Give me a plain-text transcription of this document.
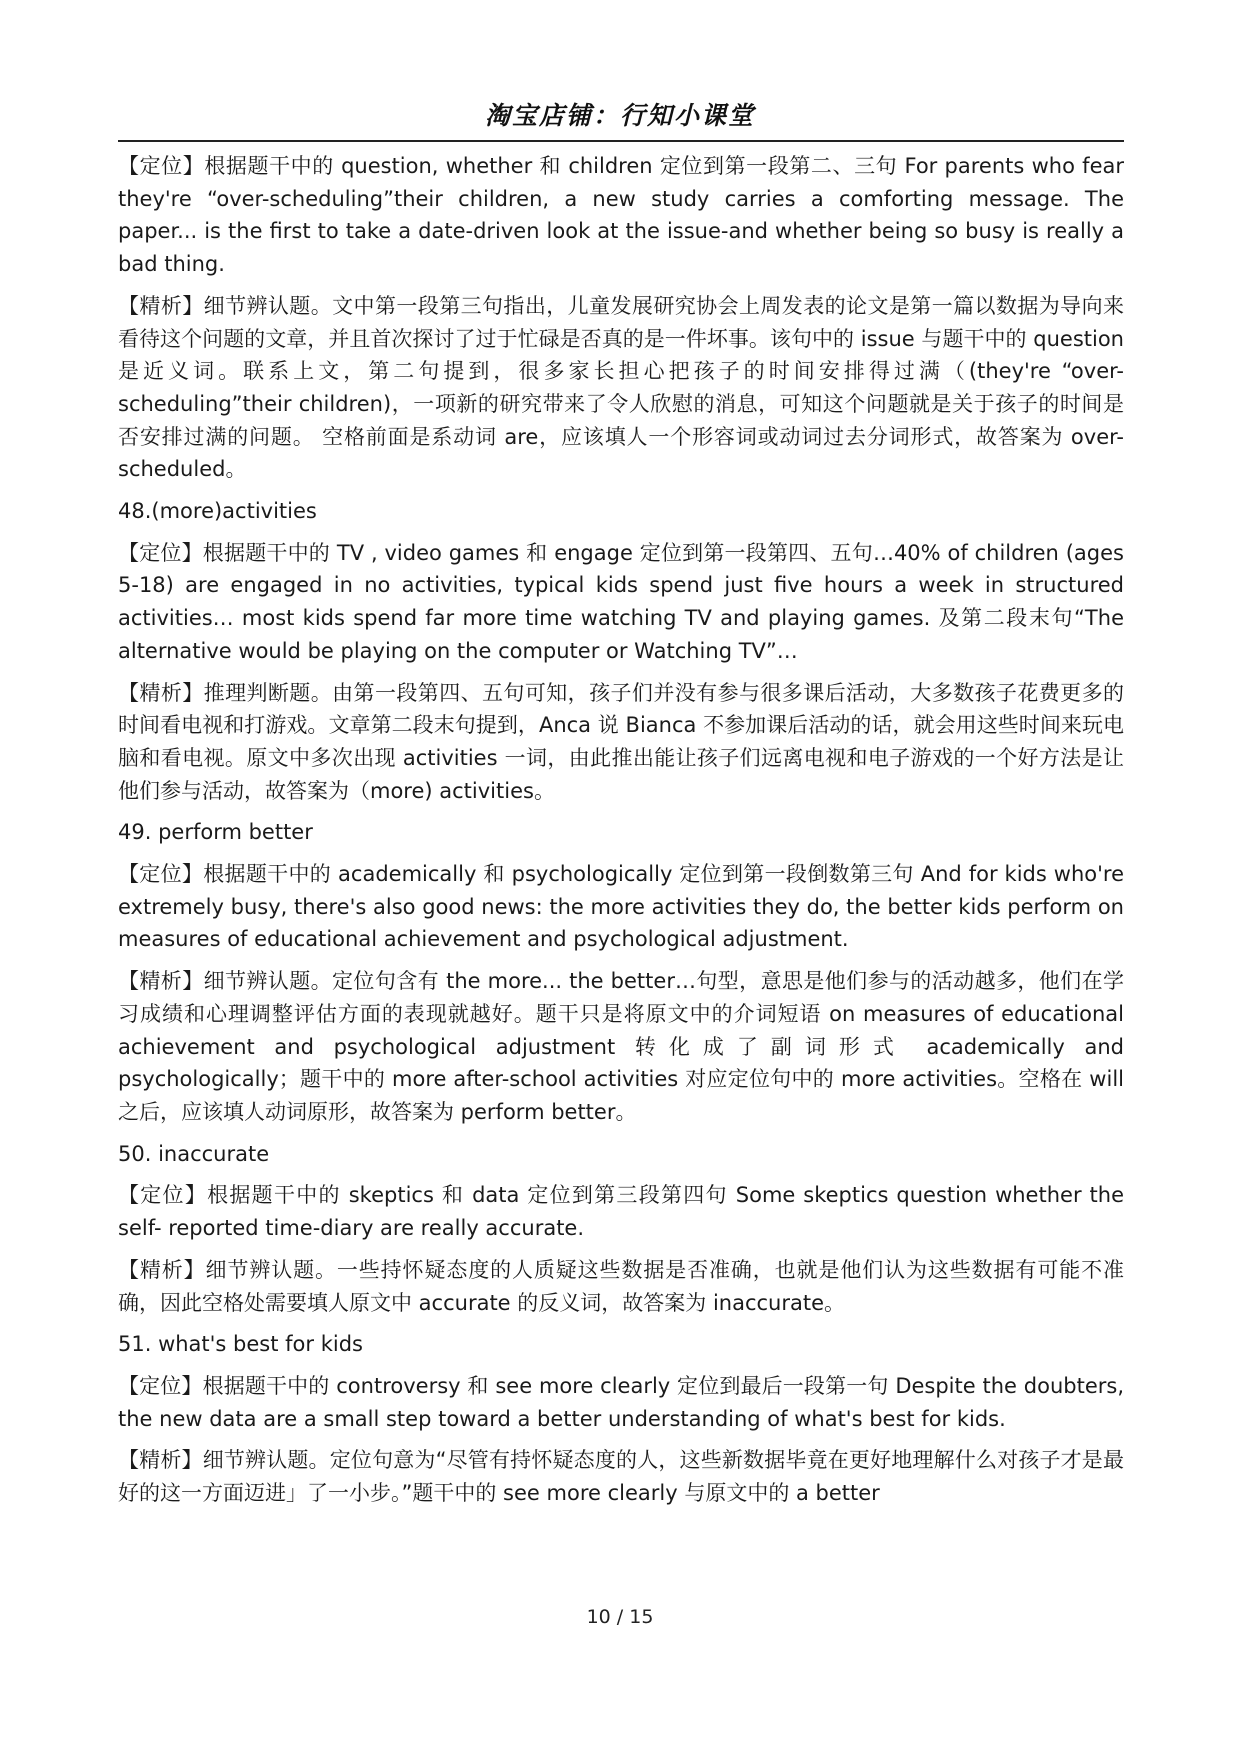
淘宝店铺：行知小课堂

【定位】根据题干中的 question, whether 和 children 定位到第一段第二、三句 For parents who fear they're “over-scheduling”their children, a new study carries a comforting message. The paper... is the first to take a date-driven look at the issue-and whether being so busy is really a bad thing.

【精析】细节辨认题。文中第一段第三句指出，儿童发展研究协会上周发表的论文是第一篇以数据为导向来看待这个问题的文章，并且首次探讨了过于忙碌是否真的是一件坏事。该句中的 issue 与题干中的 question 是近义词。联系上文，第二句提到，很多家长担心把孩子的时间安排得过满（(they're “over-scheduling”their children)，一项新的研究带来了令人欣慰的消息，可知这个问题就是关于孩子的时间是否安排过满的问题。 空格前面是系动词 are，应该填人一个形容词或动词过去分词形式，故答案为 over-scheduled。

48.(more)activities

【定位】根据题干中的 TV , video games 和 engage 定位到第一段第四、五句…40% of children (ages 5-18) are engaged in no activities, typical kids spend just five hours a week in structured activities… most kids spend far more time watching TV and playing games. 及第二段末句“The alternative would be playing on the computer or Watching TV”…

【精析】推理判断题。由第一段第四、五句可知，孩子们并没有参与很多课后活动，大多数孩子花费更多的时间看电视和打游戏。文章第二段末句提到，Anca 说 Bianca 不参加课后活动的话，就会用这些时间来玩电脑和看电视。原文中多次出现 activities 一词，由此推出能让孩子们远离电视和电子游戏的一个好方法是让他们参与活动，故答案为（more) activities。

49. perform better

【定位】根据题干中的 academically 和 psychologically 定位到第一段倒数第三句 And for kids who're extremely busy, there's also good news: the more activities they do, the better kids perform on measures of educational achievement and psychological adjustment.

【精析】细节辨认题。定位句含有 the more... the better…句型，意思是他们参与的活动越多，他们在学习成绩和心理调整评估方面的表现就越好。题干只是将原文中的介词短语 on measures of educational achievement and psychological adjustment 转化成了副词形式 academically and psychologically；题干中的 more after-school activities 对应定位句中的 more activities。空格在 will 之后，应该填人动词原形，故答案为 perform better。

50. inaccurate

【定位】根据题干中的 skeptics 和 data 定位到第三段第四句 Some skeptics question whether the self- reported time-diary are really accurate.

【精析】细节辨认题。一些持怀疑态度的人质疑这些数据是否准确，也就是他们认为这些数据有可能不准确，因此空格处需要填人原文中 accurate 的反义词，故答案为 inaccurate。

51. what's best for kids

【定位】根据题干中的 controversy 和 see more clearly 定位到最后一段第一句 Despite the doubters, the new data are a small step toward a better understanding of what's best for kids.

【精析】细节辨认题。定位句意为“尽管有持怀疑态度的人，这些新数据毕竟在更好地理解什么对孩子才是最好的这一方面迈进」了一小步。”题干中的 see more clearly 与原文中的 a better

10 / 15
